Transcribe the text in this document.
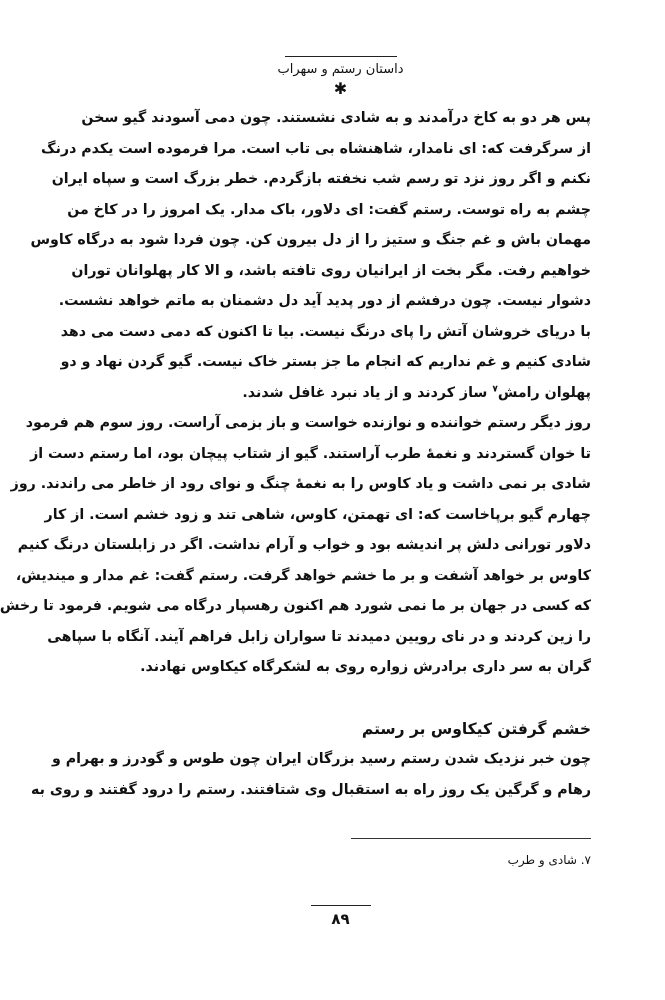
داستان رستم و سهراب
✱
پس هر دو به کاخ درآمدند و به شادی نشستند. چون دمی آسودند گیو سخن
از سرگرفت که: ای نامدار، شاهنشاه بی تاب است. مرا فرموده است یکدم درنگ
نکنم و اگر روز نزد تو رسم شب نخفته بازگردم. خطر بزرگ است و سپاه ایران
چشم به راه توست. رستم گفت: ای دلاور، باک مدار. یک امروز را در کاخ من
مهمان باش و غم جنگ و ستیز را از دل بیرون کن. چون فردا شود به درگاه کاوس
خواهیم رفت. مگر بخت از ایرانیان روی تافته باشد، و الا کار پهلوانان توران
دشوار نیست. چون درفشم از دور پدید آید دل دشمنان به ماتم خواهد نشست.
با دریای خروشان آتش را پای درنگ نیست. بیا تا اکنون که دمی دست می دهد
شادی کنیم و غم نداریم که انجام ما جز بستر خاک نیست. گیو گردن نهاد و دو
پهلوان رامش$^۷$ ساز کردند و از یاد نبرد غافل شدند.
روز دیگر رستم خواننده و نوازنده خواست و باز بزمی آراست. روز سوم هم فرمود
تا خوان گستردند و نغمهٔ طرب آراستند. گیو از شتاب پیچان بود، اما رستم دست از
شادی بر نمی داشت و یاد کاوس را به نغمهٔ چنگ و نوای رود از خاطر می راندند. روز
چهارم گیو برپاخاست که: ای تهمتن، کاوس، شاهی تند و زود خشم است. از کار
دلاور تورانی دلش پر اندیشه بود و خواب و آرام نداشت. اگر در زابلستان درنگ کنیم
کاوس بر خواهد آشفت و بر ما خشم خواهد گرفت. رستم گفت: غم مدار و میندیش،
که کسی در جهان بر ما نمی شورد هم اکنون رهسپار درگاه می شویم. فرمود تا رخش
را زین کردند و در نای رویین دمیدند تا سواران زابل فراهم آیند. آنگاه با سپاهی
گران به سر داری برادرش زواره روی به لشکرگاه کیکاوس نهادند.
خشم گرفتن کیکاوس بر رستم
چون خبر نزدیک شدن رستم رسید بزرگان ایران چون طوس و گودرز و بهرام و
رهام و گرگین یک روز راه به استقبال وی شتافتند. رستم را درود گفتند و روی به
۷. شادی و طرب
۸۹
